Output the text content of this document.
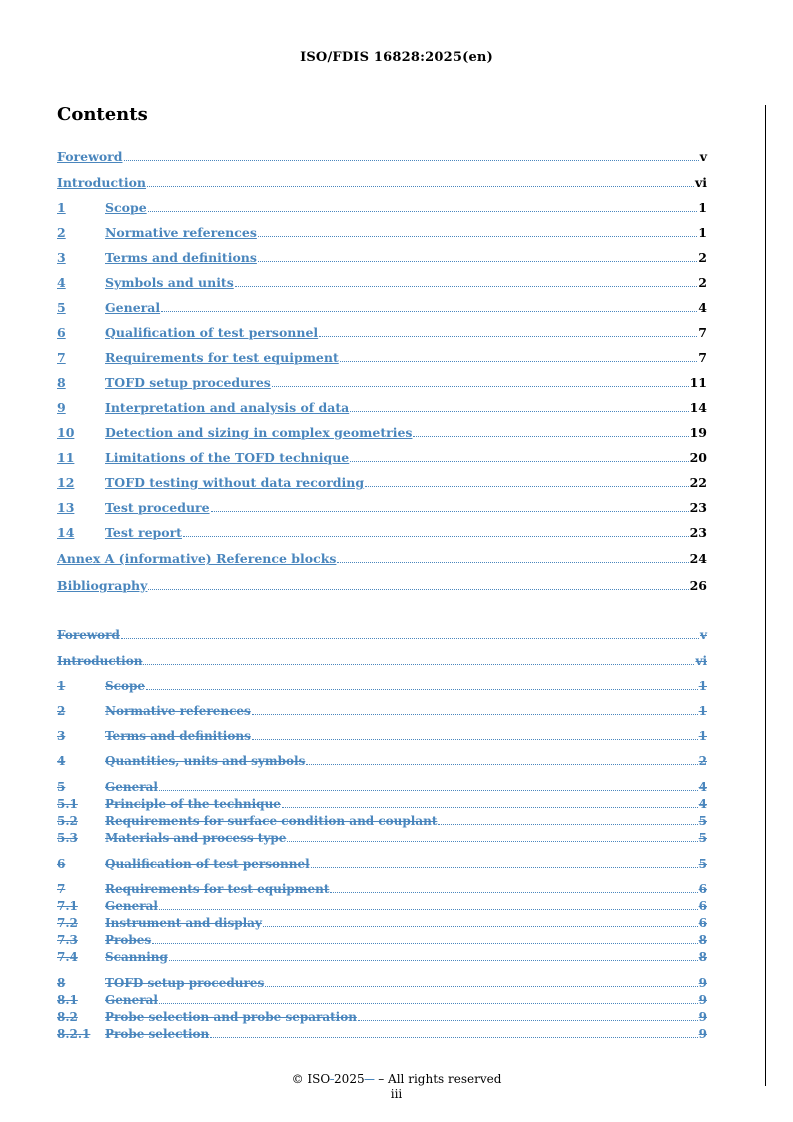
ISO/FDIS 16828:2025(en)
Contents
Foreword	v
Introduction	vi
1	Scope	1
2	Normative references	1
3	Terms and definitions	2
4	Symbols and units	2
5	General	4
6	Qualification of test personnel	7
7	Requirements for test equipment	7
8	TOFD setup procedures	11
9	Interpretation and analysis of data	14
10	Detection and sizing in complex geometries	19
11	Limitations of the TOFD technique	20
12	TOFD testing without data recording	22
13	Test procedure	23
14	Test report	23
Annex A (informative) Reference blocks	24
Bibliography	26
Foreword	v
Introduction	vi
1	Scope	1
2	Normative references	1
3	Terms and definitions	1
4	Quantities, units and symbols	2
5	General	4
5.1	Principle of the technique	4
5.2	Requirements for surface condition and couplant	5
5.3	Materials and process type	5
6	Qualification of test personnel	5
7	Requirements for test equipment	6
7.1	General	6
7.2	Instrument and display	6
7.3	Probes	8
7.4	Scanning	8
8	TOFD setup procedures	9
8.1	General	9
8.2	Probe selection and probe separation	9
8.2.1	Probe selection	9
© ISO 2025 – – All rights reserved
iii
